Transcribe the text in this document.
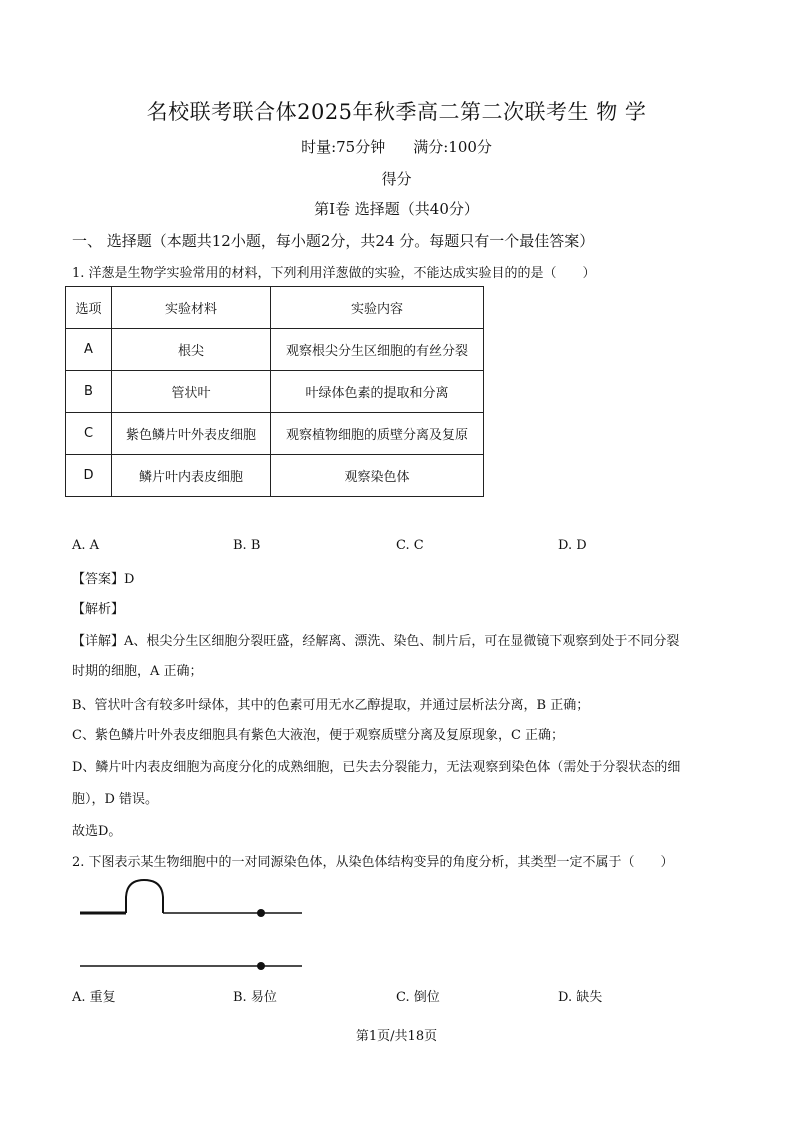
名校联考联合体2025年秋季高二第二次联考生 物 学
时量:75分钟 满分:100分
得分
第Ⅰ卷 选择题（共40分）
一、 选择题（本题共12小题，每小题2分，共24 分。每题只有一个最佳答案）
1. 洋葱是生物学实验常用的材料，下列利用洋葱做的实验，不能达成实验目的的是（　　）
选项	实验材料	实验内容
A	根尖	观察根尖分生区细胞的有丝分裂
B	管状叶	叶绿体色素的提取和分离
C	紫色鳞片叶外表皮细胞	观察植物细胞的质壁分离及复原
D	鳞片叶内表皮细胞	观察染色体
A. A	B. B	C. C	D. D
【答案】D
【解析】
【详解】A、根尖分生区细胞分裂旺盛，经解离、漂洗、染色、制片后，可在显微镜下观察到处于不同分裂
时期的细胞，A 正确；
B、管状叶含有较多叶绿体，其中的色素可用无水乙醇提取，并通过层析法分离，B 正确；
C、紫色鳞片叶外表皮细胞具有紫色大液泡，便于观察质壁分离及复原现象，C 正确；
D、鳞片叶内表皮细胞为高度分化的成熟细胞，已失去分裂能力，无法观察到染色体（需处于分裂状态的细
胞），D 错误。
故选D。
2. 下图表示某生物细胞中的一对同源染色体，从染色体结构变异的角度分析，其类型一定不属于（　　）
A. 重复	B. 易位	C. 倒位	D. 缺失
第1页/共18页
